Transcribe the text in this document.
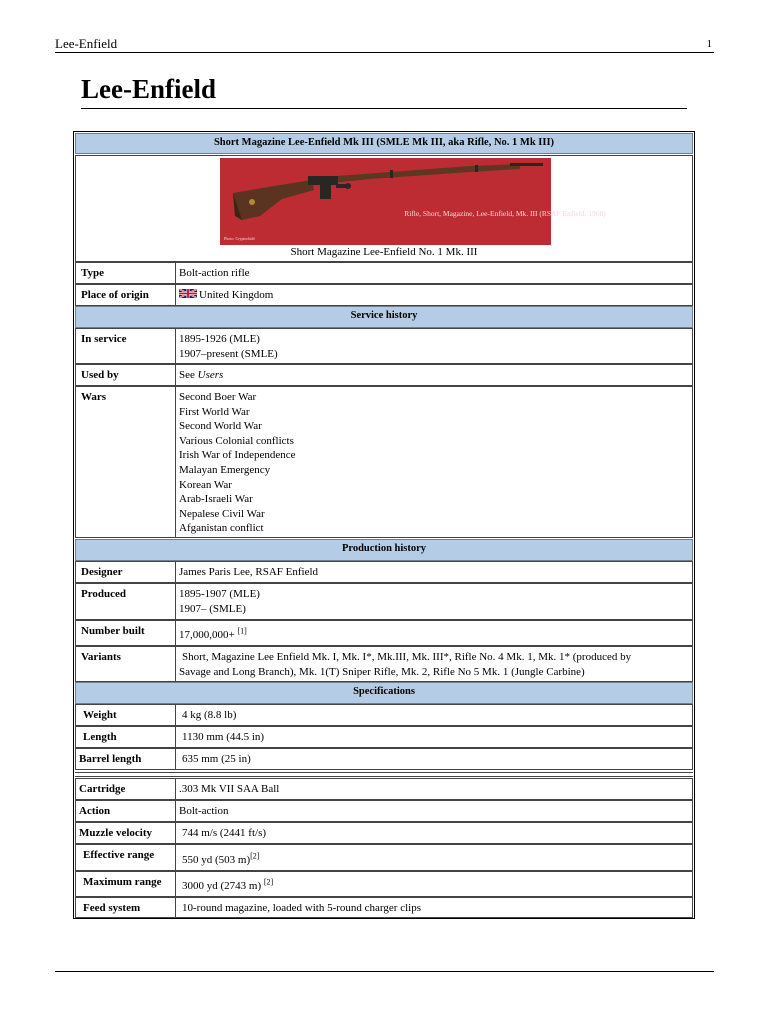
Lee-Enfield	1
Lee-Enfield
Short Magazine Lee-Enfield Mk III (SMLE Mk III, aka Rifle, No. 1 Mk III)
Rifle, Short, Magazine, Lee-Enfield, Mk. III (RSAF Enfield, 1908)
Photo: Cryptochild
Short Magazine Lee-Enfield No. 1 Mk. III
Type	Bolt-action rifle
Place of origin	United Kingdom
Service history
In service	1895-1926 (MLE)
1907–present (SMLE)
Used by	See Users
Wars	Second Boer War
First World War
Second World War
Various Colonial conflicts
Irish War of Independence
Malayan Emergency
Korean War
Arab-Israeli War
Nepalese Civil War
Afganistan conflict
Production history
Designer	James Paris Lee, RSAF Enfield
Produced	1895-1907 (MLE)
1907– (SMLE)
Number built	17,000,000+ [1]
Variants	Short, Magazine Lee Enfield Mk. I, Mk. I*, Mk.III, Mk. III*, Rifle No. 4 Mk. 1, Mk. 1* (produced by
Savage and Long Branch), Mk. 1(T) Sniper Rifle, Mk. 2, Rifle No 5 Mk. 1 (Jungle Carbine)
Specifications
Weight	4 kg (8.8 lb)
Length	1130 mm (44.5 in)
Barrel length	635 mm (25 in)
Cartridge	.303 Mk VII SAA Ball
Action	Bolt-action
Muzzle velocity	744 m/s (2441 ft/s)
Effective range	550 yd (503 m)[2]
Maximum range	3000 yd (2743 m) [2]
Feed system	10-round magazine, loaded with 5-round charger clips
